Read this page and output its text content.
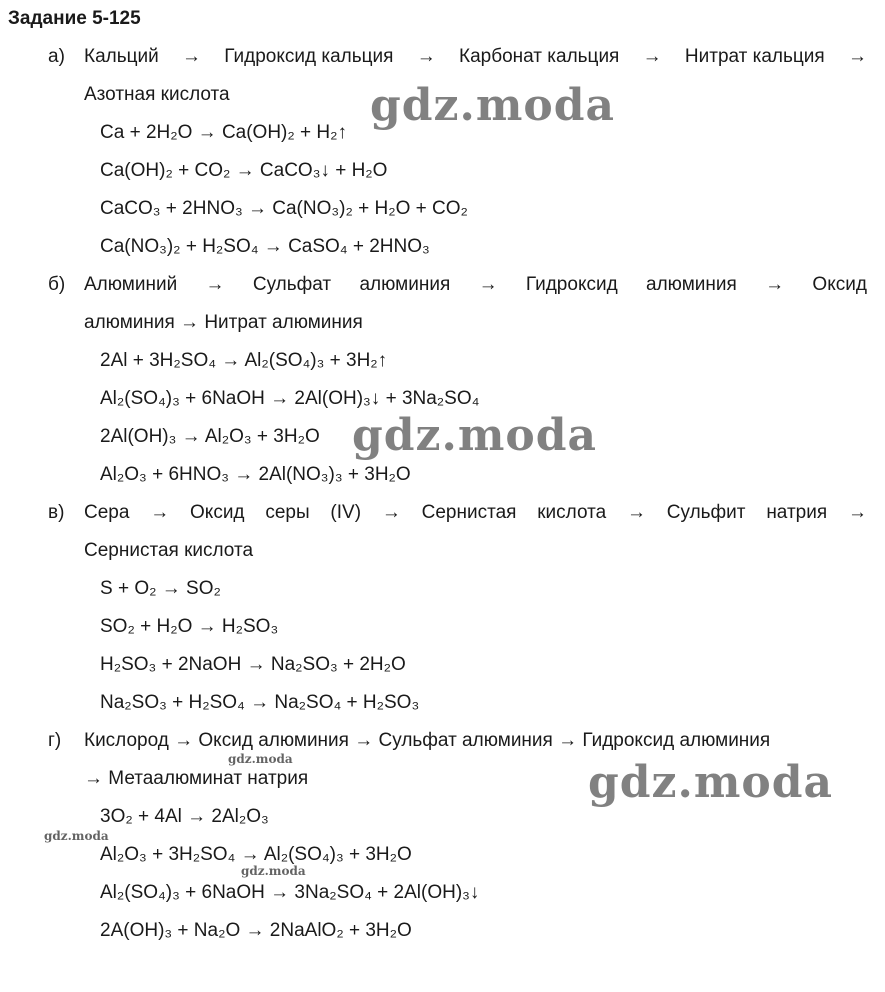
Задание 5-125
а) Кальций → Гидроксид кальция → Карбонат кальция → Нитрат кальция →
Азотная кислота
Ca + 2H₂O → Ca(OH)₂ + H₂↑
Ca(OH)₂ + CO₂ → CaCO₃↓ + H₂O
CaCO₃ + 2HNO₃ → Ca(NO₃)₂ + H₂O + CO₂
Ca(NO₃)₂ + H₂SO₄ → CaSO₄ + 2HNO₃
б) Алюминий → Сульфат алюминия → Гидроксид алюминия → Оксид
алюминия → Нитрат алюминия
2Al + 3H₂SO₄ → Al₂(SO₄)₃ + 3H₂↑
Al₂(SO₄)₃ + 6NaOH → 2Al(OH)₃↓ + 3Na₂SO₄
2Al(OH)₃ → Al₂O₃ + 3H₂O
Al₂O₃ + 6HNO₃ → 2Al(NO₃)₃ + 3H₂O
в) Сера → Оксид серы (IV) → Сернистая кислота → Сульфит натрия →
Сернистая кислота
S + O₂ → SO₂
SO₂ + H₂O → H₂SO₃
H₂SO₃ + 2NaOH → Na₂SO₃ + 2H₂O
Na₂SO₃ + H₂SO₄ → Na₂SO₄ + H₂SO₃
г) Кислород → Оксид алюминия → Сульфат алюминия → Гидроксид алюминия
→ Метаалюминат натрия
3O₂ + 4Al → 2Al₂O₃
Al₂O₃ + 3H₂SO₄ → Al₂(SO₄)₃ + 3H₂O
Al₂(SO₄)₃ + 6NaOH → 3Na₂SO₄ + 2Al(OH)₃↓
2A(OH)₃ + Na₂O → 2NaAlO₂ + 3H₂O
gdz.moda
gdz.moda
gdz.moda
gdz.moda
gdz.moda
gdz.moda
